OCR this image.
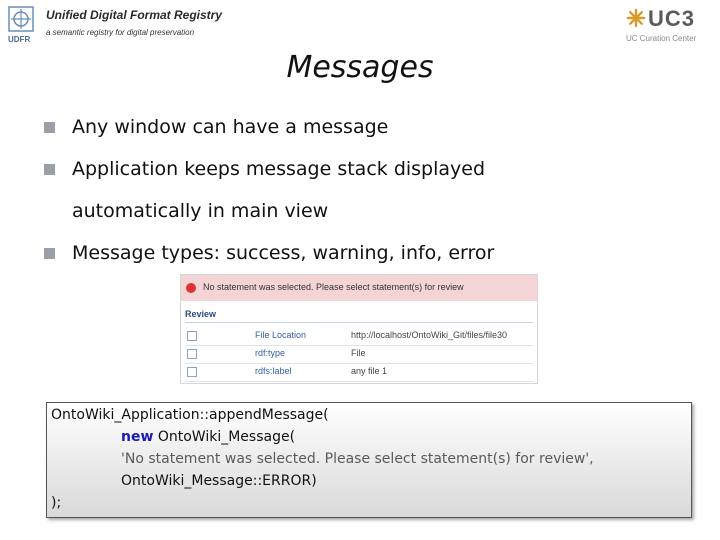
UDFR
Unified Digital Format Registry
a semantic registry for digital preservation
UC3
UC Curation Center
Messages
Any window can have a message
Application keeps message stack displayed
automatically in main view
Message types: success, warning, info, error
No statement was selected. Please select statement(s) for review
Review
File Location	http://localhost/OntoWiki_Git/files/file30
rdf:type	File
rdfs:label	any file 1
OntoWiki_Application::appendMessage(
new OntoWiki_Message(
'No statement was selected. Please select statement(s) for review',
OntoWiki_Message::ERROR)
);
